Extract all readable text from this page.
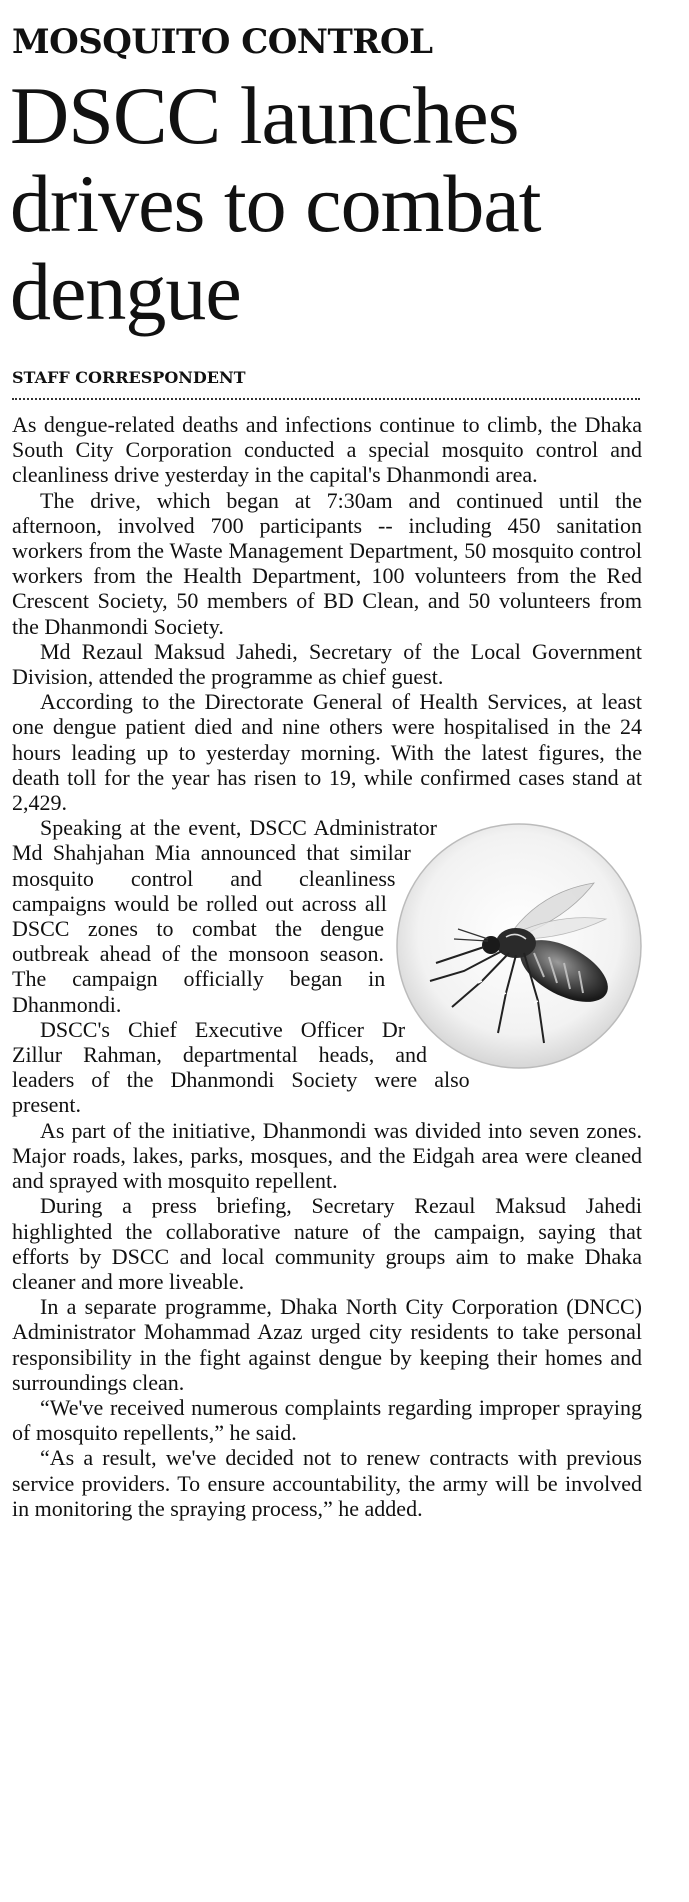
MOSQUITO CONTROL
DSCC launches drives to combat dengue
STAFF CORRESPONDENT

As dengue-related deaths and infections continue to climb, the Dhaka South City Corporation conducted a special mosquito control and cleanliness drive yesterday in the capital's Dhanmondi area.

The drive, which began at 7:30am and continued until the afternoon, involved 700 participants -- including 450 sanitation workers from the Waste Management Department, 50 mosquito control workers from the Health Department, 100 volunteers from the Red Crescent Society, 50 members of BD Clean, and 50 volunteers from the Dhanmondi Society.

Md Rezaul Maksud Jahedi, Secretary of the Local Government Division, attended the programme as chief guest.

According to the Directorate General of Health Services, at least one dengue patient died and nine others were hospitalised in the 24 hours leading up to yesterday morning. With the latest figures, the death toll for the year has risen to 19, while confirmed cases stand at 2,429.

Speaking at the event, DSCC Administrator Md Shahjahan Mia announced that similar mosquito control and cleanliness campaigns would be rolled out across all DSCC zones to combat the dengue outbreak ahead of the monsoon season. The campaign officially began in Dhanmondi.

DSCC's Chief Executive Officer Dr Zillur Rahman, departmental heads, and leaders of the Dhanmondi Society were also present.

As part of the initiative, Dhanmondi was divided into seven zones. Major roads, lakes, parks, mosques, and the Eidgah area were cleaned and sprayed with mosquito repellent.

During a press briefing, Secretary Rezaul Maksud Jahedi highlighted the collaborative nature of the campaign, saying that efforts by DSCC and local community groups aim to make Dhaka cleaner and more liveable.

In a separate programme, Dhaka North City Corporation (DNCC) Administrator Mohammad Azaz urged city residents to take personal responsibility in the fight against dengue by keeping their homes and surroundings clean.

“We've received numerous complaints regarding improper spraying of mosquito repellents,” he said.

“As a result, we've decided not to renew contracts with previous service providers. To ensure accountability, the army will be involved in monitoring the spraying process,” he added.
